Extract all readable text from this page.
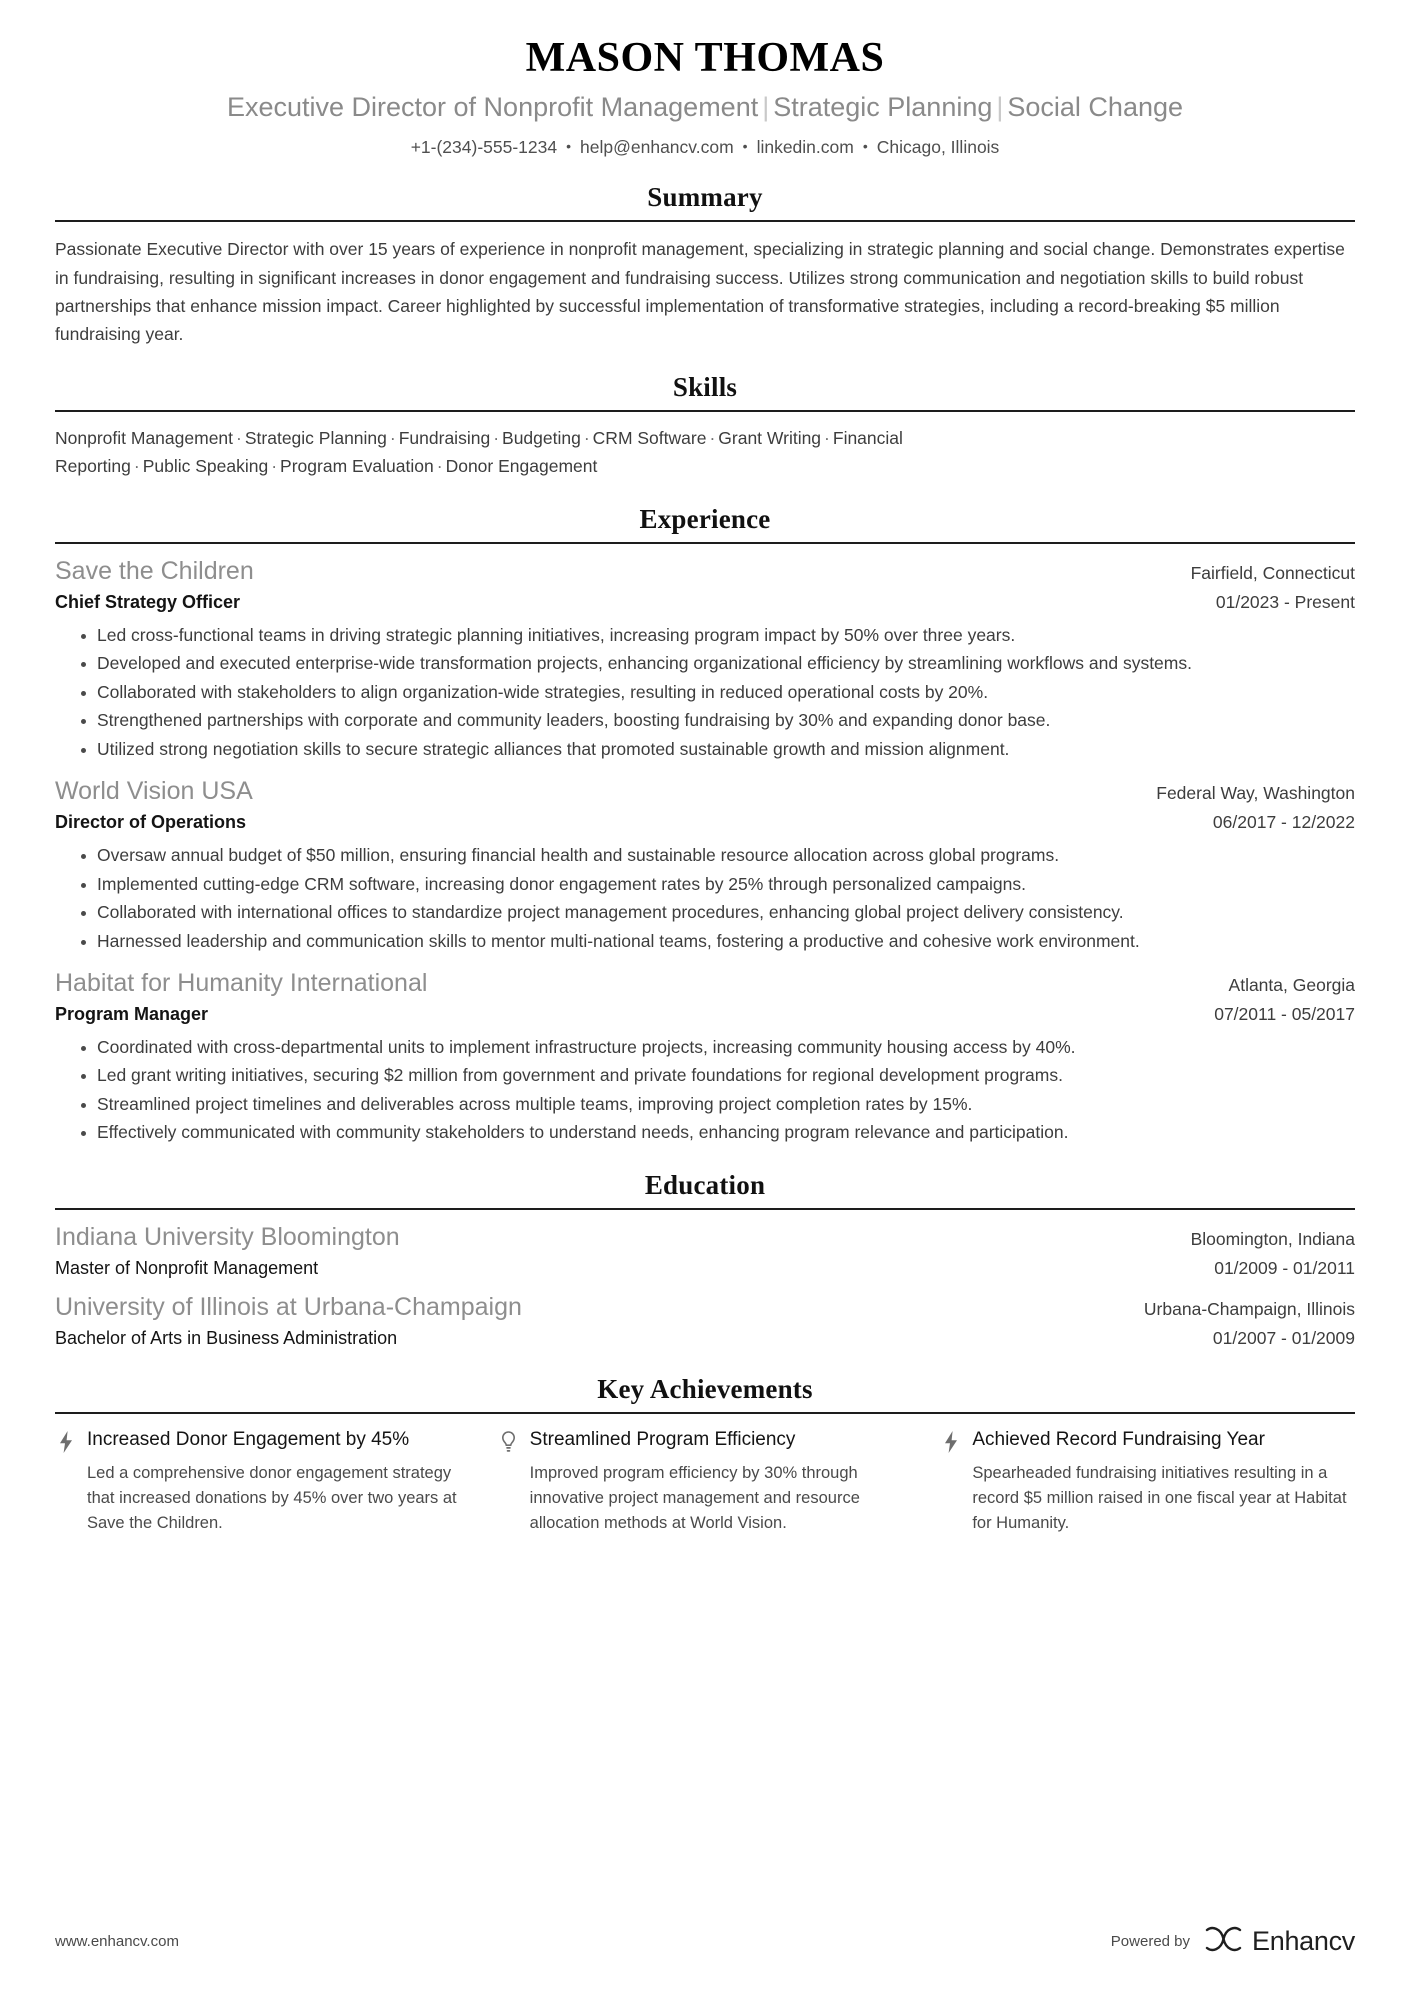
MASON THOMAS
Executive Director of Nonprofit Management | Strategic Planning | Social Change
+1-(234)-555-1234 • help@enhancv.com • linkedin.com • Chicago, Illinois
Summary

Passionate Executive Director with over 15 years of experience in nonprofit management, specializing in strategic planning and social change. Demonstrates expertise in fundraising, resulting in significant increases in donor engagement and fundraising success. Utilizes strong communication and negotiation skills to build robust partnerships that enhance mission impact. Career highlighted by successful implementation of transformative strategies, including a record-breaking $5 million fundraising year.

Skills
Nonprofit Management · Strategic Planning · Fundraising · Budgeting · CRM Software · Grant Writing · Financial Reporting · Public Speaking · Program Evaluation · Donor Engagement
Experience
Save the Children	Fairfield, Connecticut
Chief Strategy Officer	01/2023 - Present
Led cross-functional teams in driving strategic planning initiatives, increasing program impact by 50% over three years.
Developed and executed enterprise-wide transformation projects, enhancing organizational efficiency by streamlining workflows and systems.
Collaborated with stakeholders to align organization-wide strategies, resulting in reduced operational costs by 20%.
Strengthened partnerships with corporate and community leaders, boosting fundraising by 30% and expanding donor base.
Utilized strong negotiation skills to secure strategic alliances that promoted sustainable growth and mission alignment.
World Vision USA	Federal Way, Washington
Director of Operations	06/2017 - 12/2022
Oversaw annual budget of $50 million, ensuring financial health and sustainable resource allocation across global programs.
Implemented cutting-edge CRM software, increasing donor engagement rates by 25% through personalized campaigns.
Collaborated with international offices to standardize project management procedures, enhancing global project delivery consistency.
Harnessed leadership and communication skills to mentor multi-national teams, fostering a productive and cohesive work environment.
Habitat for Humanity International	Atlanta, Georgia
Program Manager	07/2011 - 05/2017
Coordinated with cross-departmental units to implement infrastructure projects, increasing community housing access by 40%.
Led grant writing initiatives, securing $2 million from government and private foundations for regional development programs.
Streamlined project timelines and deliverables across multiple teams, improving project completion rates by 15%.
Effectively communicated with community stakeholders to understand needs, enhancing program relevance and participation.
Education
Indiana University Bloomington	Bloomington, Indiana
Master of Nonprofit Management	01/2009 - 01/2011
University of Illinois at Urbana-Champaign	Urbana-Champaign, Illinois
Bachelor of Arts in Business Administration	01/2007 - 01/2009
Key Achievements
Increased Donor Engagement by 45%
Led a comprehensive donor engagement strategy that increased donations by 45% over two years at Save the Children.
Streamlined Program Efficiency
Improved program efficiency by 30% through innovative project management and resource allocation methods at World Vision.
Achieved Record Fundraising Year
Spearheaded fundraising initiatives resulting in a record $5 million raised in one fiscal year at Habitat for Humanity.
www.enhancv.com	Powered by Enhancv
